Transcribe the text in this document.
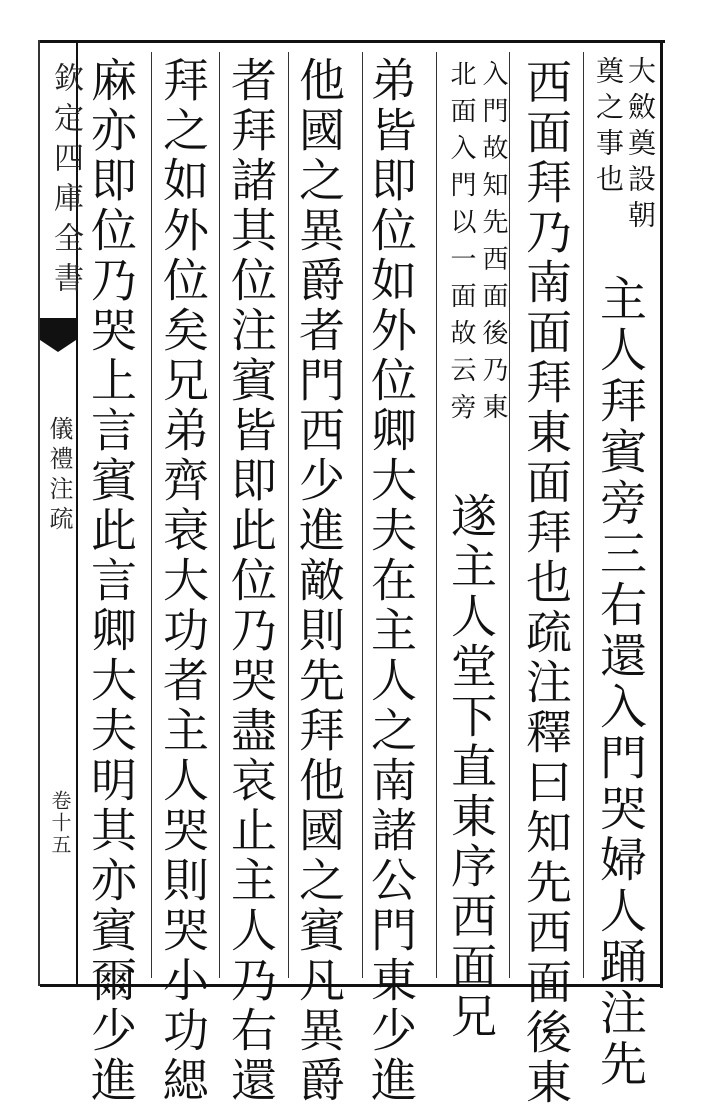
大斂奠設朝
奠之事也
主人拜賓旁三右還入門哭婦人踊注先
西面拜乃南面拜東面拜也疏注釋曰知先西面後東
入門故知先西面後乃東
北面入門以一面故云旁
遂主人堂下直東序西面兄
弟皆即位如外位卿大夫在主人之南諸公門東少進
他國之異爵者門西少進敵則先拜他國之賓凡異爵
者拜諸其位注賓皆即此位乃哭盡哀止主人乃右還
拜之如外位矣兄弟齊衰大功者主人哭則哭小功緦
麻亦即位乃哭上言賓此言卿大夫明其亦賓爾少進
欽定四庫全書
儀禮注疏
卷十五
